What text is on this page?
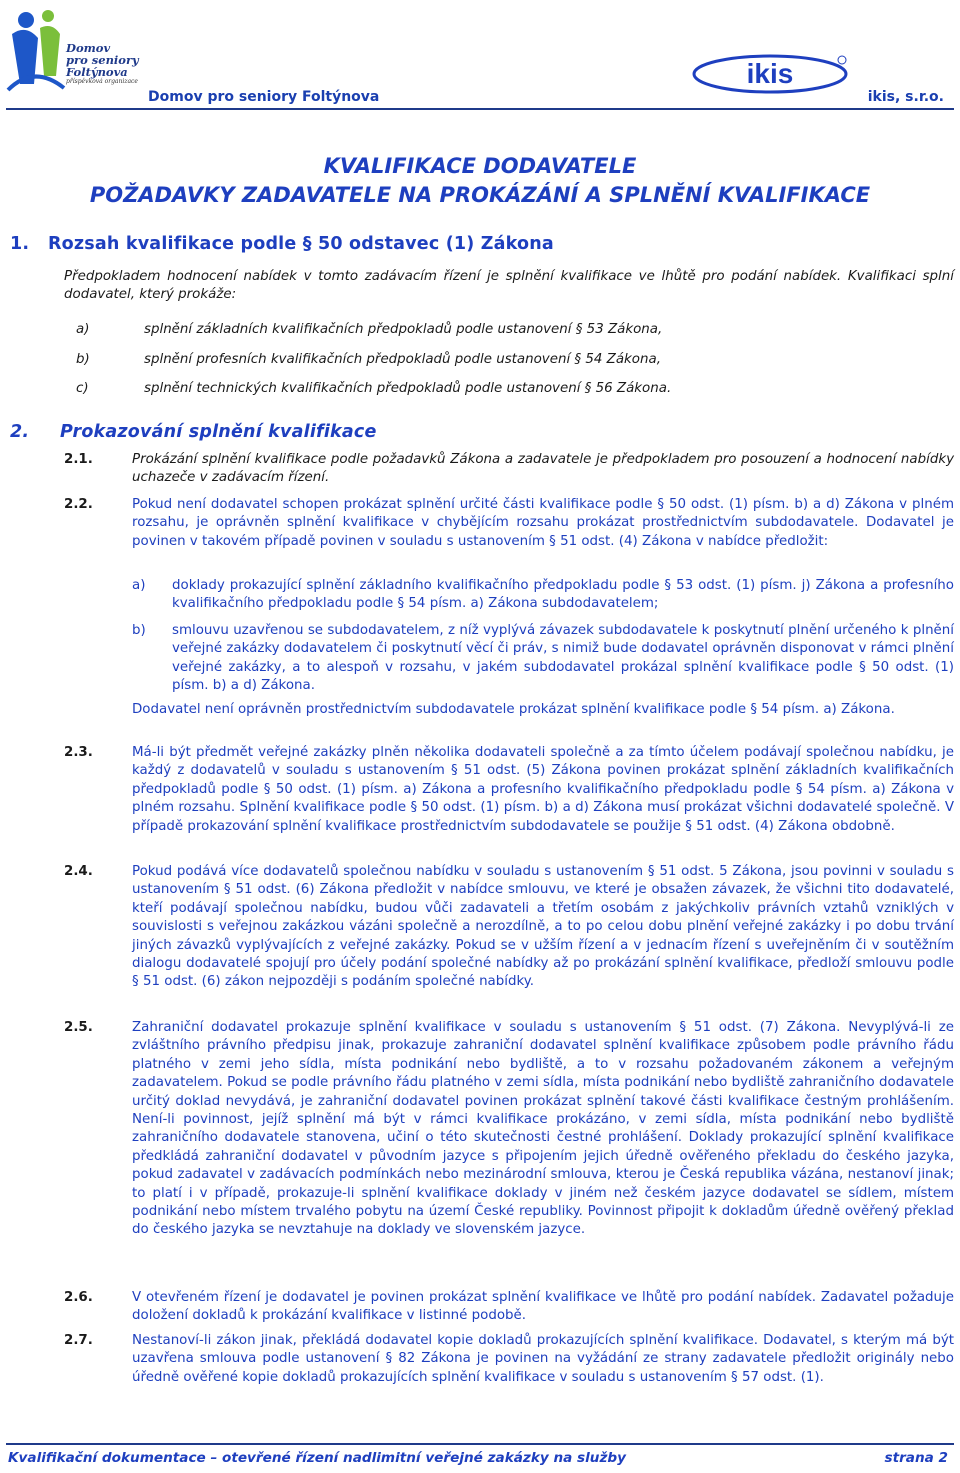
Domov
pro seniory
Foltýnova
příspěvková organizace
Domov pro seniory Foltýnova
ikis
ikis, s.r.o.
KVALIFIKACE DODAVATELE
POŽADAVKY ZADAVATELE NA PROKÁZÁNÍ A SPLNĚNÍ KVALIFIKACE
1. Rozsah kvalifikace podle § 50 odstavec (1) Zákona
Předpokladem hodnocení nabídek v tomto zadávacím řízení je splnění kvalifikace ve lhůtě pro podání nabídek. Kvalifikaci splní dodavatel, který prokáže:
a)	splnění základních kvalifikačních předpokladů podle ustanovení § 53 Zákona,
b)	splnění profesních kvalifikačních předpokladů podle ustanovení § 54 Zákona,
c)	splnění technických kvalifikačních předpokladů podle ustanovení § 56 Zákona.
2. Prokazování splnění kvalifikace
2.1.	Prokázání splnění kvalifikace podle požadavků Zákona a zadavatele je předpokladem pro posouzení a hodnocení nabídky uchazeče v zadávacím řízení.
2.2.	Pokud není dodavatel schopen prokázat splnění určité části kvalifikace podle § 50 odst. (1) písm. b) a d) Zákona v plném rozsahu, je oprávněn splnění kvalifikace v chybějícím rozsahu prokázat prostřednictvím subdodavatele. Dodavatel je povinen v takovém případě povinen v souladu s ustanovením § 51 odst. (4) Zákona v nabídce předložit:
a) doklady prokazující splnění základního kvalifikačního předpokladu podle § 53 odst. (1) písm. j) Zákona a profesního kvalifikačního předpokladu podle § 54 písm. a) Zákona subdodavatelem;
b) smlouvu uzavřenou se subdodavatelem, z níž vyplývá závazek subdodavatele k poskytnutí plnění určeného k plnění veřejné zakázky dodavatelem či poskytnutí věcí či práv, s nimiž bude dodavatel oprávněn disponovat v rámci plnění veřejné zakázky, a to alespoň v rozsahu, v jakém subdodavatel prokázal splnění kvalifikace podle § 50 odst. (1) písm. b) a d) Zákona.
Dodavatel není oprávněn prostřednictvím subdodavatele prokázat splnění kvalifikace podle § 54 písm. a) Zákona.
2.3.	Má-li být předmět veřejné zakázky plněn několika dodavateli společně a za tímto účelem podávají společnou nabídku, je každý z dodavatelů v souladu s ustanovením § 51 odst. (5) Zákona povinen prokázat splnění základních kvalifikačních předpokladů podle § 50 odst. (1) písm. a) Zákona a profesního kvalifikačního předpokladu podle § 54 písm. a) Zákona v plném rozsahu. Splnění kvalifikace podle § 50 odst. (1) písm. b) a d) Zákona musí prokázat všichni dodavatelé společně. V případě prokazování splnění kvalifikace prostřednictvím subdodavatele se použije § 51 odst. (4) Zákona obdobně.
2.4.	Pokud podává více dodavatelů společnou nabídku v souladu s ustanovením § 51 odst. 5 Zákona, jsou povinni v souladu s ustanovením § 51 odst. (6) Zákona předložit v nabídce smlouvu, ve které je obsažen závazek, že všichni tito dodavatelé, kteří podávají společnou nabídku, budou vůči zadavateli a třetím osobám z jakýchkoliv právních vztahů vzniklých v souvislosti s veřejnou zakázkou vázáni společně a nerozdílně, a to po celou dobu plnění veřejné zakázky i po dobu trvání jiných závazků vyplývajících z veřejné zakázky. Pokud se v užším řízení a v jednacím řízení s uveřejněním či v soutěžním dialogu dodavatelé spojují pro účely podání společné nabídky až po prokázání splnění kvalifikace, předloží smlouvu podle § 51 odst. (6) zákon nejpozději s podáním společné nabídky.
2.5.	Zahraniční dodavatel prokazuje splnění kvalifikace v souladu s ustanovením § 51 odst. (7) Zákona. Nevyplývá-li ze zvláštního právního předpisu jinak, prokazuje zahraniční dodavatel splnění kvalifikace způsobem podle právního řádu platného v zemi jeho sídla, místa podnikání nebo bydliště, a to v rozsahu požadovaném zákonem a veřejným zadavatelem. Pokud se podle právního řádu platného v zemi sídla, místa podnikání nebo bydliště zahraničního dodavatele určitý doklad nevydává, je zahraniční dodavatel povinen prokázat splnění takové části kvalifikace čestným prohlášením. Není-li povinnost, jejíž splnění má být v rámci kvalifikace prokázáno, v zemi sídla, místa podnikání nebo bydliště zahraničního dodavatele stanovena, učiní o této skutečnosti čestné prohlášení. Doklady prokazující splnění kvalifikace předkládá zahraniční dodavatel v původním jazyce s připojením jejich úředně ověřeného překladu do českého jazyka, pokud zadavatel v zadávacích podmínkách nebo mezinárodní smlouva, kterou je Česká republika vázána, nestanoví jinak; to platí i v případě, prokazuje-li splnění kvalifikace doklady v jiném než českém jazyce dodavatel se sídlem, místem podnikání nebo místem trvalého pobytu na území České republiky. Povinnost připojit k dokladům úředně ověřený překlad do českého jazyka se nevztahuje na doklady ve slovenském jazyce.
2.6.	V otevřeném řízení je dodavatel je povinen prokázat splnění kvalifikace ve lhůtě pro podání nabídek. Zadavatel požaduje doložení dokladů k prokázání kvalifikace v listinné podobě.
2.7.	Nestanoví-li zákon jinak, překládá dodavatel kopie dokladů prokazujících splnění kvalifikace. Dodavatel, s kterým má být uzavřena smlouva podle ustanovení § 82 Zákona je povinen na vyžádání ze strany zadavatele předložit originály nebo úředně ověřené kopie dokladů prokazujících splnění kvalifikace v souladu s ustanovením § 57 odst. (1).
Kvalifikační dokumentace – otevřené řízení nadlimitní veřejné zakázky na služby	strana 2
